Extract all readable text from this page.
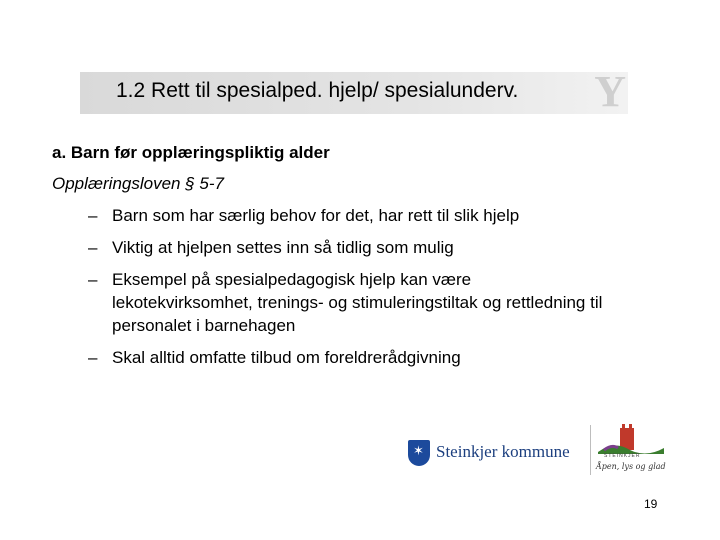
Y
1.2 Rett til spesialped. hjelp/ spesialunderv.
a. Barn før opplæringspliktig alder
Opplæringsloven § 5-7
– Barn som har særlig behov for det, har rett til slik hjelp
– Viktig at hjelpen settes inn så tidlig som mulig
– Eksempel på spesialpedagogisk hjelp kan være lekotekvirksomhet, trenings- og stimuleringstiltak og rettledning til personalet i barnehagen
– Skal alltid omfatte tilbud om foreldrerådgivning
✶ Steinkjer kommune	STEINKJER
Åpen, lys og glad
19
